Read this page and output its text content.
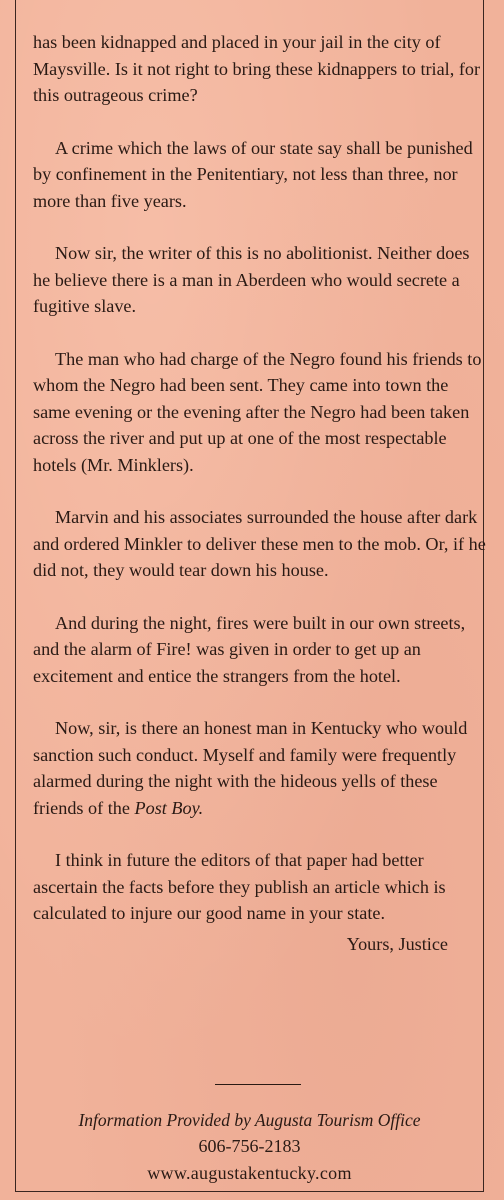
has been kidnapped and placed in your jail in the city of Maysville. Is it not right to bring these kidnappers to trial, for this outrageous crime?

A crime which the laws of our state say shall be punished by confinement in the Penitentiary, not less than three, nor more than five years.

Now sir, the writer of this is no abolitionist. Neither does he believe there is a man in Aberdeen who would secrete a fugitive slave.

The man who had charge of the Negro found his friends to whom the Negro had been sent. They came into town the same evening or the evening after the Negro had been taken across the river and put up at one of the most respectable hotels (Mr. Minklers).

Marvin and his associates surrounded the house after dark and ordered Minkler to deliver these men to the mob. Or, if he did not, they would tear down his house.

And during the night, fires were built in our own streets, and the alarm of Fire! was given in order to get up an excitement and entice the strangers from the hotel.

Now, sir, is there an honest man in Kentucky who would sanction such conduct. Myself and family were frequently alarmed during the night with the hideous yells of these friends of the Post Boy.

I think in future the editors of that paper had better ascertain the facts before they publish an article which is calculated to injure our good name in your state.

Yours, Justice

Information Provided by Augusta Tourism Office
606-756-2183
www.augustakentucky.com
